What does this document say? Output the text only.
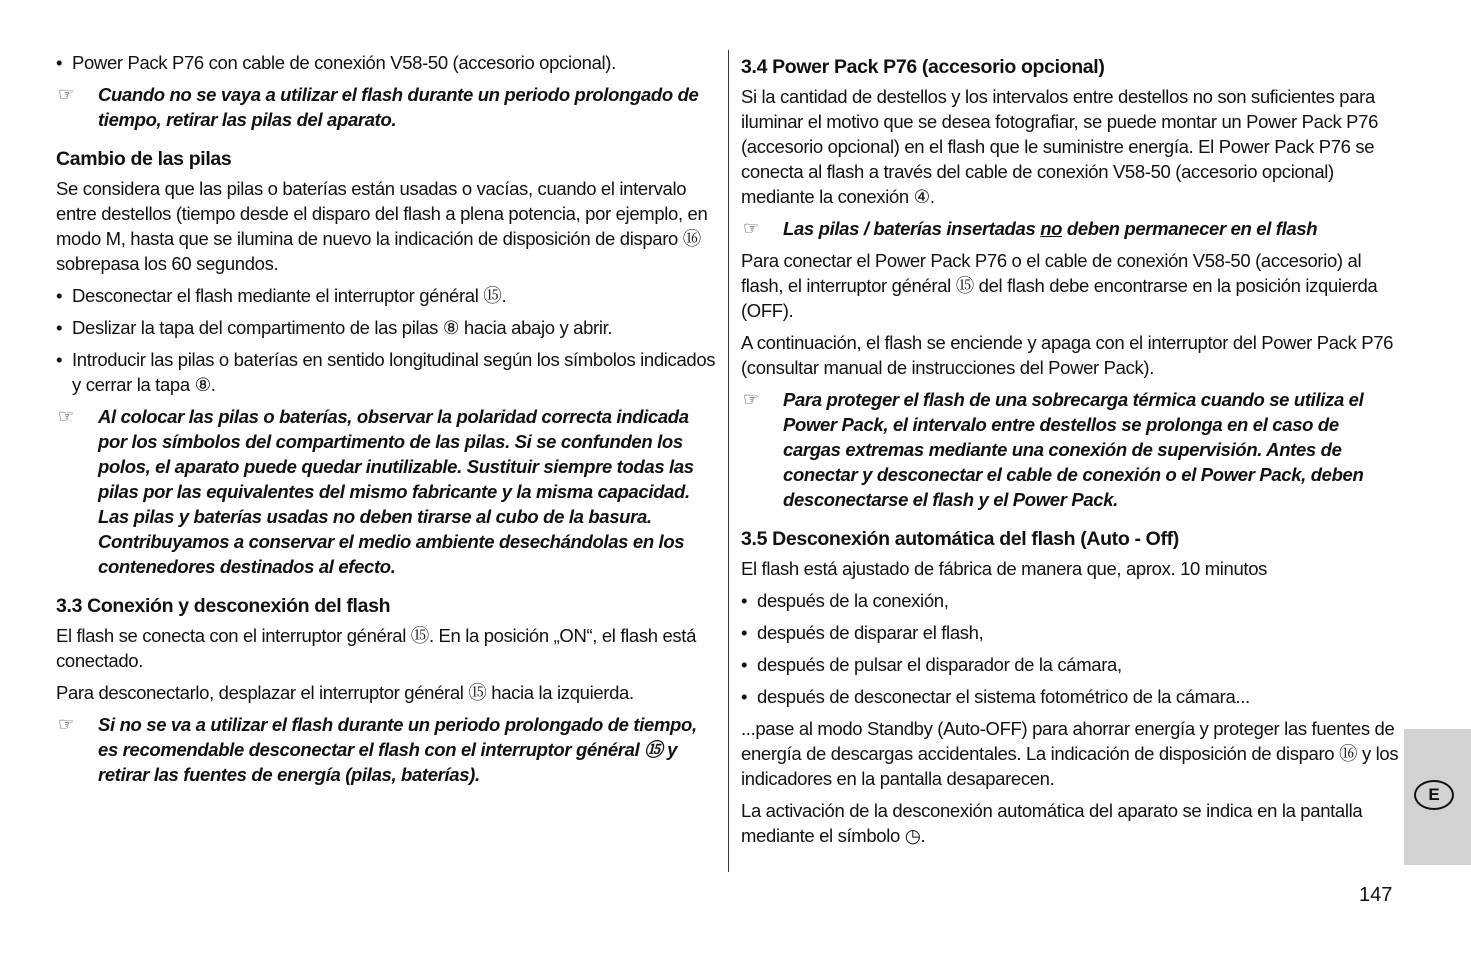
• Power Pack P76 con cable de conexión V58-50 (accesorio opcional).
☞	Cuando no se vaya a utilizar el flash durante un periodo prolongado de tiempo, retirar las pilas del aparato.
Cambio de las pilas

Se considera que las pilas o baterías están usadas o vacías, cuando el intervalo entre destellos (tiempo desde el disparo del flash a plena potencia, por ejemplo, en modo M, hasta que se ilumina de nuevo la indicación de disposición de disparo ⑯ sobrepasa los 60 segundos.

• Desconectar el flash mediante el interruptor général ⑮.
• Deslizar la tapa del compartimento de las pilas ⑧ hacia abajo y abrir.
• Introducir las pilas o baterías en sentido longitudinal según los símbolos indicados y cerrar la tapa ⑧.
☞	Al colocar las pilas o baterías, observar la polaridad correcta indicada por los símbolos del compartimento de las pilas. Si se confunden los polos, el aparato puede quedar inutilizable. Sustituir siempre todas las pilas por las equivalentes del mismo fabricante y la misma capacidad. Las pilas y baterías usadas no deben tirarse al cubo de la basura. Contribuyamos a conservar el medio ambiente desechándolas en los contenedores destinados al efecto.
3.3 Conexión y desconexión del flash

El flash se conecta con el interruptor général ⑮. En la posición „ON“, el flash está conectado.

Para desconectarlo, desplazar el interruptor général ⑮ hacia la izquierda.

☞	Si no se va a utilizar el flash durante un periodo prolongado de tiempo, es recomendable desconectar el flash con el interruptor général ⑮ y retirar las fuentes de energía (pilas, baterías).
3.4 Power Pack P76 (accesorio opcional)

Si la cantidad de destellos y los intervalos entre destellos no son suficientes para iluminar el motivo que se desea fotografiar, se puede montar un Power Pack P76 (accesorio opcional) en el flash que le suministre energía. El Power Pack P76 se conecta al flash a través del cable de conexión V58-50 (accesorio opcional) mediante la conexión ④.

☞	Las pilas / baterías insertadas no deben permanecer en el flash

Para conectar el Power Pack P76 o el cable de conexión V58-50 (accesorio) al flash, el interruptor général ⑮ del flash debe encontrarse en la posición izquierda (OFF).

A continuación, el flash se enciende y apaga con el interruptor del Power Pack P76 (consultar manual de instrucciones del Power Pack).

☞	Para proteger el flash de una sobrecarga térmica cuando se utiliza el Power Pack, el intervalo entre destellos se prolonga en el caso de cargas extremas mediante una conexión de supervisión. Antes de conectar y desconectar el cable de conexión o el Power Pack, deben desconectarse el flash y el Power Pack.
3.5 Desconexión automática del flash (Auto - Off)

El flash está ajustado de fábrica de manera que, aprox. 10 minutos

• después de la conexión,
• después de disparar el flash,
• después de pulsar el disparador de la cámara,
• después de desconectar el sistema fotométrico de la cámara...

...pase al modo Standby (Auto-OFF) para ahorrar energía y proteger las fuentes de energía de descargas accidentales. La indicación de disposición de disparo ⑯ y los indicadores en la pantalla desaparecen.

La activación de la desconexión automática del aparato se indica en la pantalla mediante el símbolo ◷.

E
147
